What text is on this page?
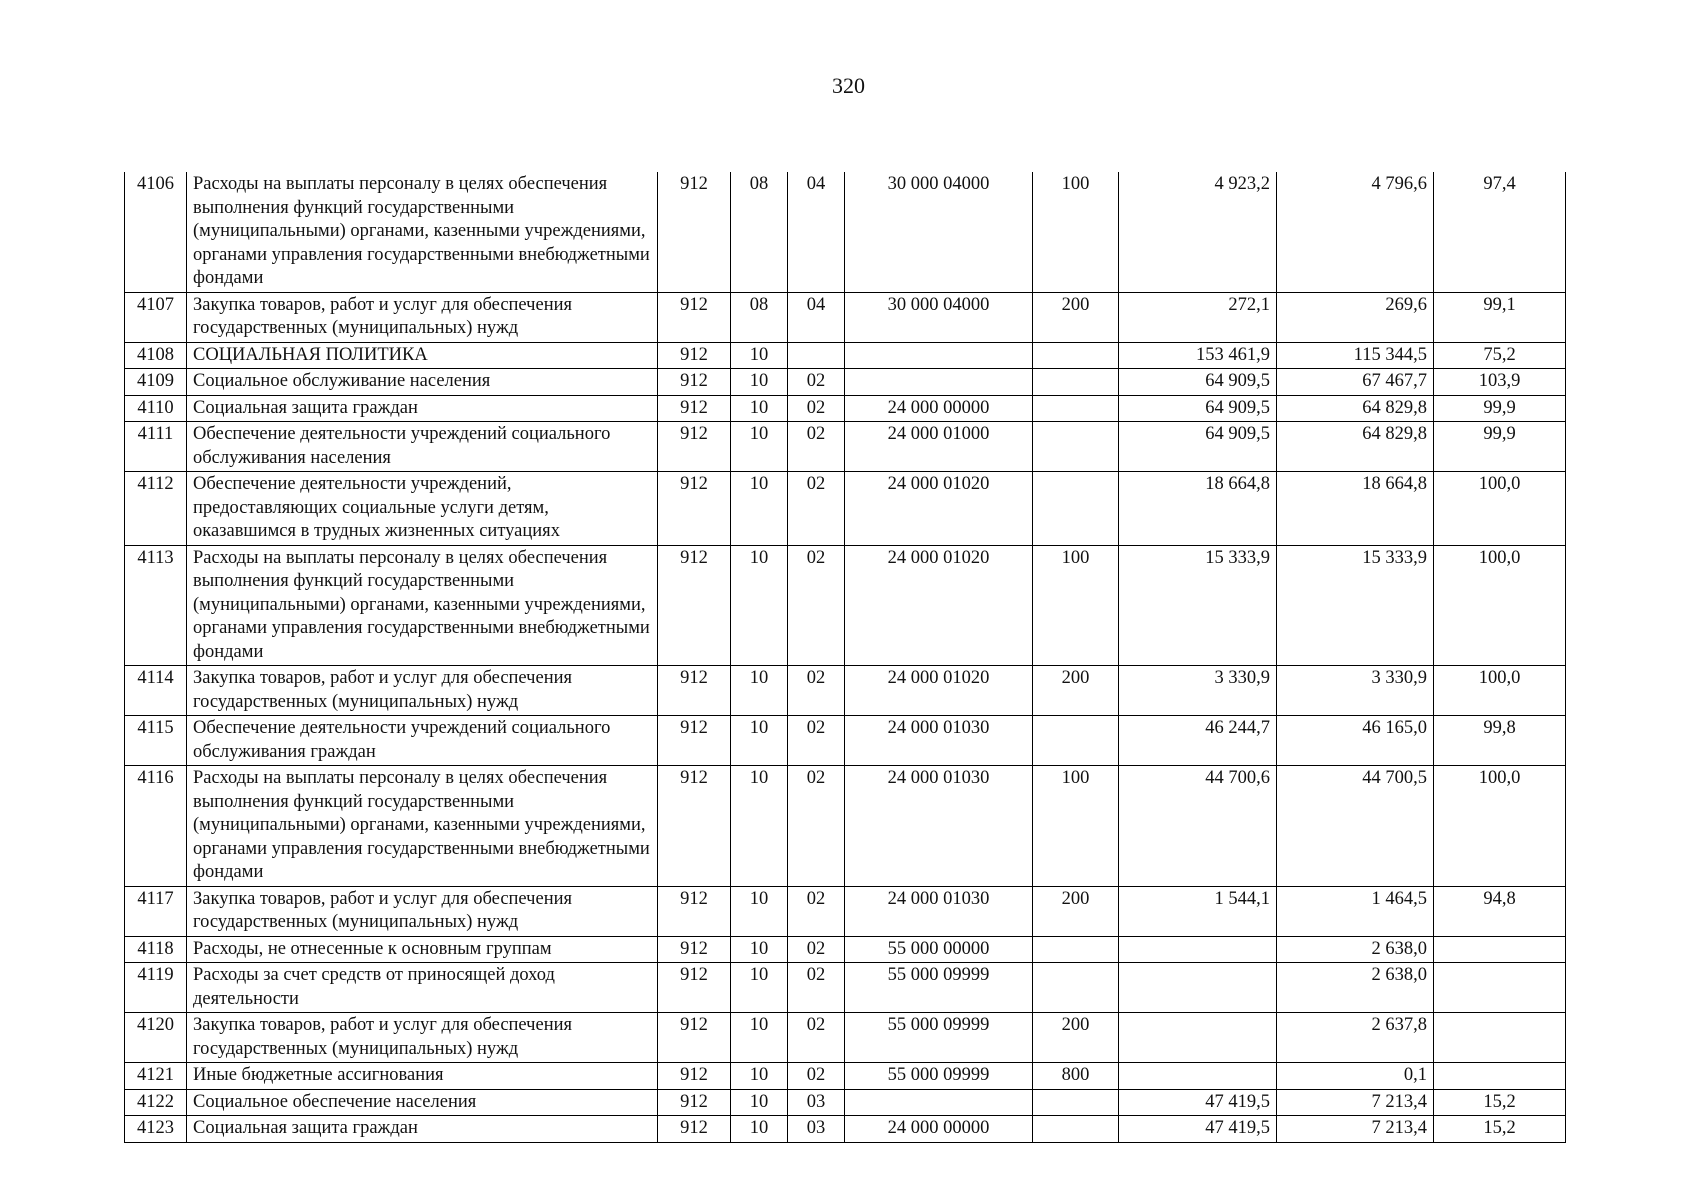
320
4106	Расходы на выплаты персоналу в целях обеспечения выполнения функций государственными (муниципальными) органами, казенными учреждениями, органами управления государственными внебюджетными фондами	912	08	04	30 000 04000	100	4 923,2	4 796,6	97,4
4107	Закупка товаров, работ и услуг для обеспечения государственных (муниципальных) нужд	912	08	04	30 000 04000	200	272,1	269,6	99,1
4108	СОЦИАЛЬНАЯ ПОЛИТИКА	912	10				153 461,9	115 344,5	75,2
4109	Социальное обслуживание населения	912	10	02			64 909,5	67 467,7	103,9
4110	Социальная защита граждан	912	10	02	24 000 00000		64 909,5	64 829,8	99,9
4111	Обеспечение деятельности учреждений социального обслуживания населения	912	10	02	24 000 01000		64 909,5	64 829,8	99,9
4112	Обеспечение деятельности учреждений, предоставляющих социальные услуги детям, оказавшимся в трудных жизненных ситуациях	912	10	02	24 000 01020		18 664,8	18 664,8	100,0
4113	Расходы на выплаты персоналу в целях обеспечения выполнения функций государственными (муниципальными) органами, казенными учреждениями, органами управления государственными внебюджетными фондами	912	10	02	24 000 01020	100	15 333,9	15 333,9	100,0
4114	Закупка товаров, работ и услуг для обеспечения государственных (муниципальных) нужд	912	10	02	24 000 01020	200	3 330,9	3 330,9	100,0
4115	Обеспечение деятельности учреждений социального обслуживания граждан	912	10	02	24 000 01030		46 244,7	46 165,0	99,8
4116	Расходы на выплаты персоналу в целях обеспечения выполнения функций государственными (муниципальными) органами, казенными учреждениями, органами управления государственными внебюджетными фондами	912	10	02	24 000 01030	100	44 700,6	44 700,5	100,0
4117	Закупка товаров, работ и услуг для обеспечения государственных (муниципальных) нужд	912	10	02	24 000 01030	200	1 544,1	1 464,5	94,8
4118	Расходы, не отнесенные к основным группам	912	10	02	55 000 00000			2 638,0	
4119	Расходы за счет средств от приносящей доход деятельности	912	10	02	55 000 09999			2 638,0	
4120	Закупка товаров, работ и услуг для обеспечения государственных (муниципальных) нужд	912	10	02	55 000 09999	200		2 637,8	
4121	Иные бюджетные ассигнования	912	10	02	55 000 09999	800		0,1	
4122	Социальное обеспечение населения	912	10	03			47 419,5	7 213,4	15,2
4123	Социальная защита граждан	912	10	03	24 000 00000		47 419,5	7 213,4	15,2
